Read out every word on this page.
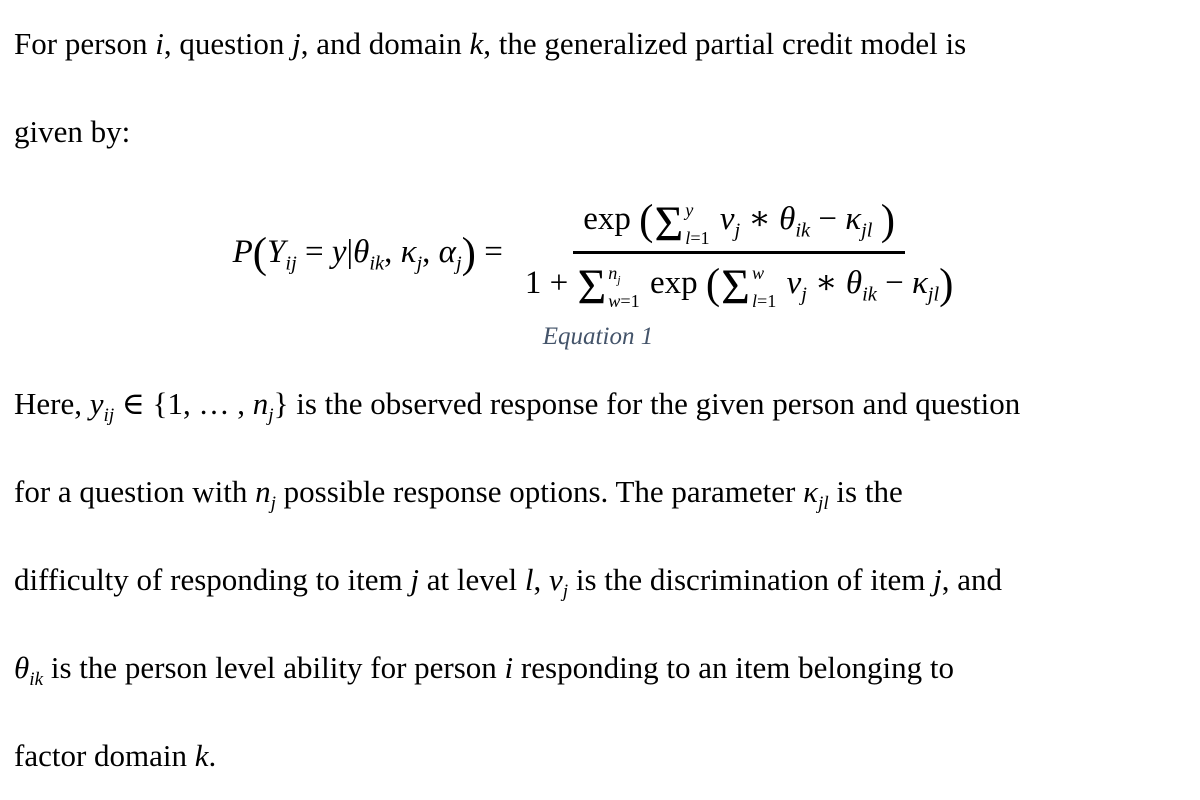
For person i, question j, and domain k, the generalized partial credit model is
given by:
$P(Y_{ij} = y|\theta_{ik}$, $\kappa_j$, $\alpha_j) = \exp$ ( Σ y
l=1
$\nu_j$ ∗ $\theta_{ik} - \kappa_{jl}$ )
1 + Σ $n_j$
w=1
exp ( Σ w
l=1
$\nu_j$ ∗ $\theta_{ik} - \kappa_{jl}$)
Equation 1
Here, $y_{ij}$ ∈ {1, … , $n_j$} is the observed response for the given person and question
for a question with $n_j$ possible response options. The parameter $\kappa_{jl}$ is the
difficulty of responding to item j at level l, $\nu_j$ is the discrimination of item j, and
$\theta_{ik}$ is the person level ability for person i responding to an item belonging to
factor domain k.
